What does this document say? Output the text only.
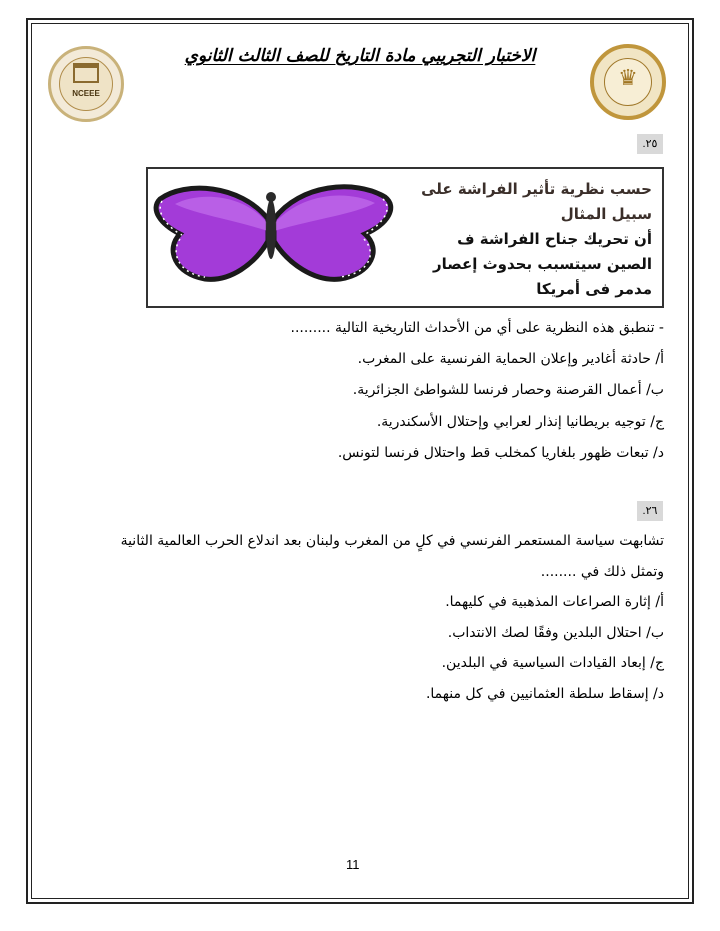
NCEEE
♛
الاختبار التجريبي مادة التاريخ للصف الثالث الثانوي
.٢٥
حسب نظرية تأثير الفراشة على
سبيل المثال
أن تحريك جناح الفراشة ف
الصين سيتسبب بحدوث إعصار
مدمر فى أمريكا
- تنطبق هذه النظرية على أي من الأحداث التاريخية التالية .........
أ/ حادثة أغادير وإعلان الحماية الفرنسية على المغرب.
ب/ أعمال القرصنة وحصار فرنسا للشواطئ الجزائرية.
ج/ توجيه بريطانيا إنذار لعرابي وإحتلال الأسكندرية.
د/ تبعات ظهور بلغاريا كمخلب قط واحتلال فرنسا لتونس.
.٢٦
تشابهت سياسة المستعمر الفرنسي في كلٍ من المغرب ولبنان بعد اندلاع الحرب العالمية الثانية
وتمثل ذلك في ........
أ/ إثارة الصراعات المذهبية في كليهما.
ب/ احتلال البلدين وفقًا لصك الانتداب.
ج/ إبعاد القيادات السياسية في البلدين.
د/ إسقاط سلطة العثمانيين في كل منهما.
11
